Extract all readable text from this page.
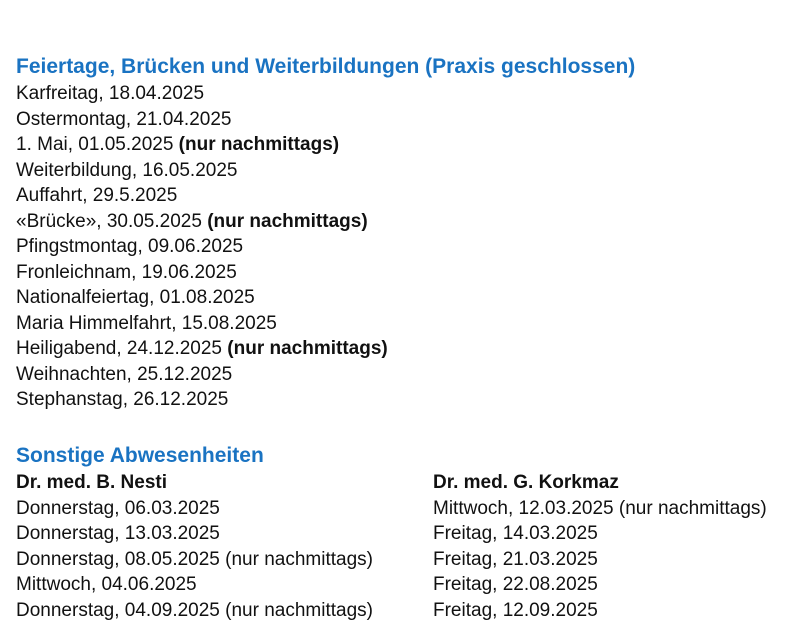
Feiertage, Brücken und Weiterbildungen (Praxis geschlossen)
Karfreitag, 18.04.2025
Ostermontag, 21.04.2025
1. Mai, 01.05.2025 (nur nachmittags)
Weiterbildung, 16.05.2025
Auffahrt, 29.5.2025
«Brücke», 30.05.2025 (nur nachmittags)
Pfingstmontag, 09.06.2025
Fronleichnam, 19.06.2025
Nationalfeiertag, 01.08.2025
Maria Himmelfahrt, 15.08.2025
Heiligabend, 24.12.2025 (nur nachmittags)
Weihnachten, 25.12.2025
Stephanstag, 26.12.2025
Sonstige Abwesenheiten
Dr. med. B. Nesti
Donnerstag, 06.03.2025
Donnerstag, 13.03.2025
Donnerstag, 08.05.2025 (nur nachmittags)
Mittwoch, 04.06.2025
Donnerstag, 04.09.2025 (nur nachmittags)
Dr. med. G. Korkmaz
Mittwoch, 12.03.2025 (nur nachmittags)
Freitag, 14.03.2025
Freitag, 21.03.2025
Freitag, 22.08.2025
Freitag, 12.09.2025
